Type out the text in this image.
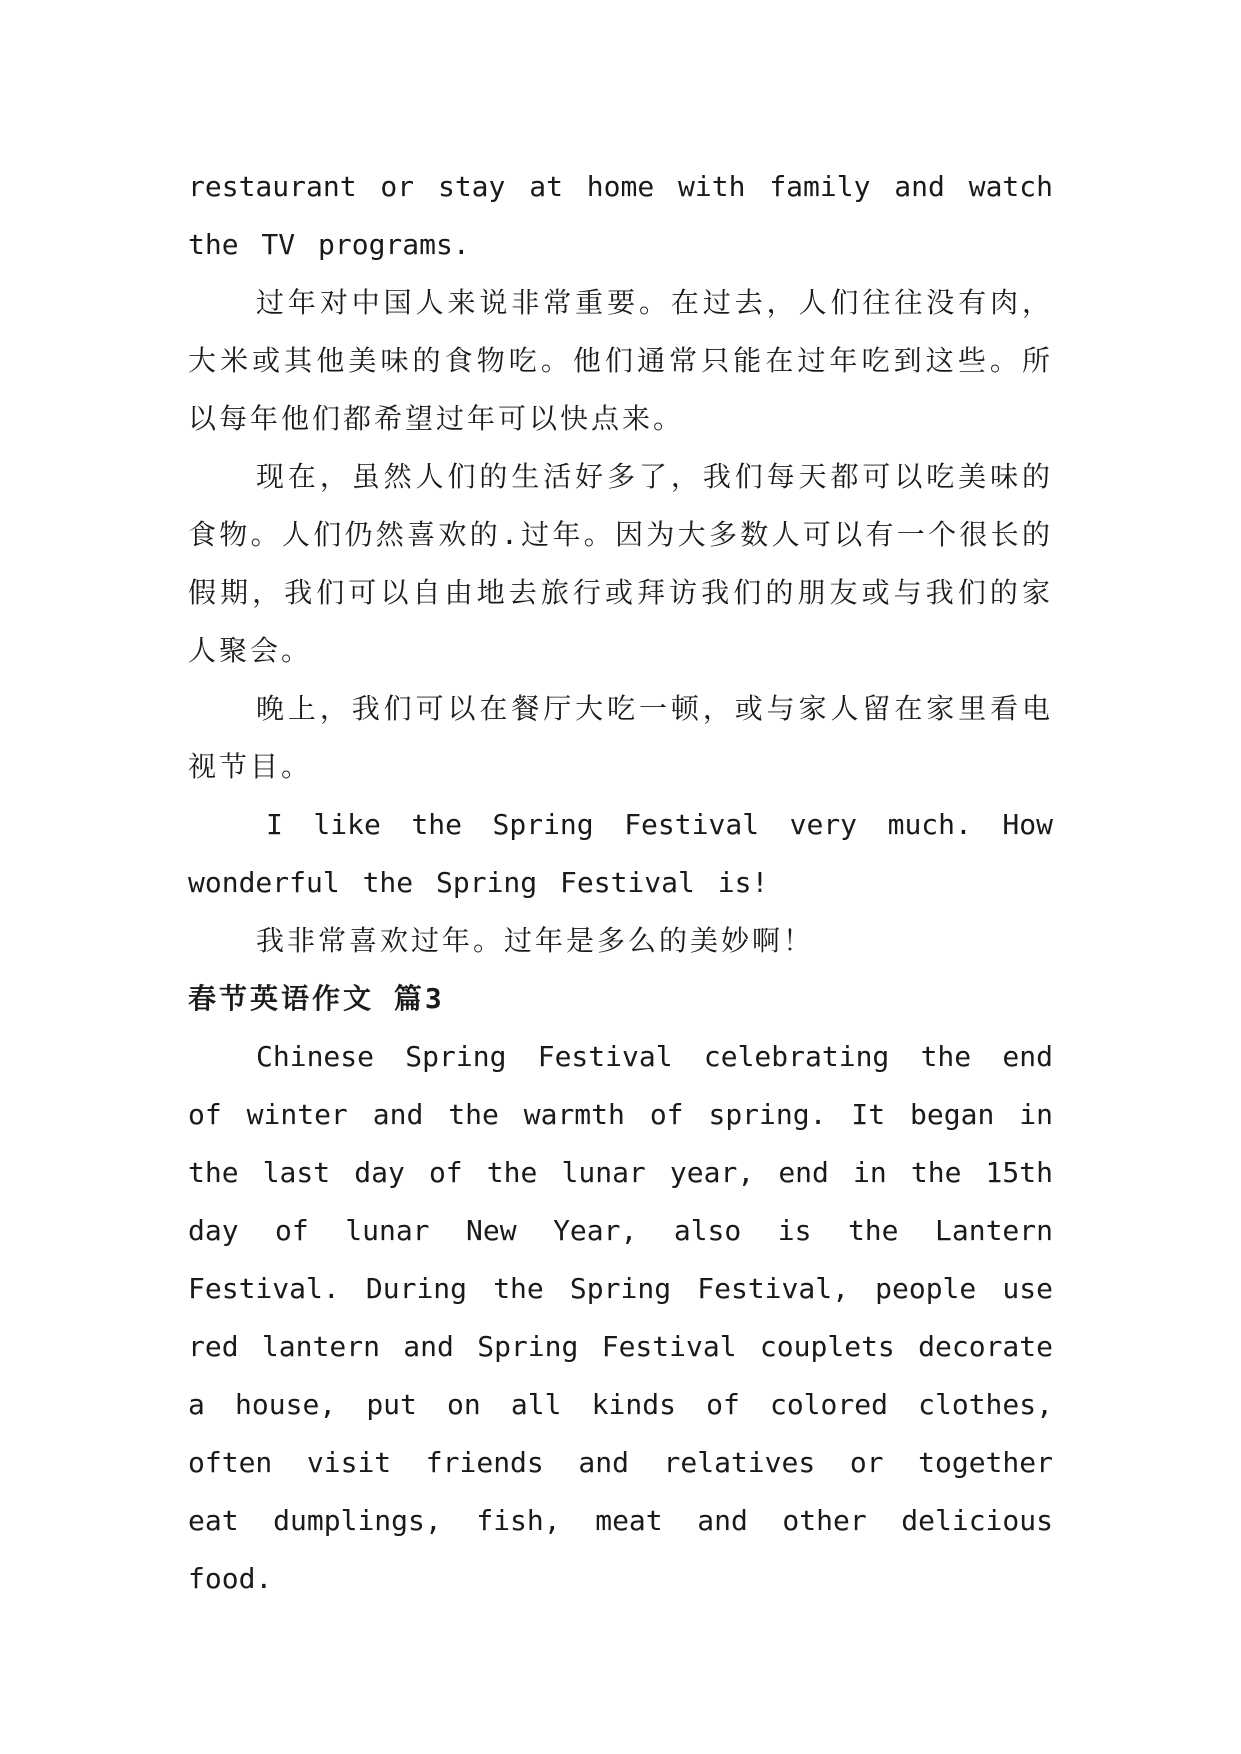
restaurant or stay at home with family and watch the TV programs.

过年对中国人来说非常重要。在过去，人们往往没有肉，大米或其他美味的食物吃。他们通常只能在过年吃到这些。所以每年他们都希望过年可以快点来。

现在，虽然人们的生活好多了，我们每天都可以吃美味的食物。人们仍然喜欢的.过年。因为大多数人可以有一个很长的假期，我们可以自由地去旅行或拜访我们的朋友或与我们的家人聚会。

晚上，我们可以在餐厅大吃一顿，或与家人留在家里看电视节目。

I like the Spring Festival very much. How wonderful the Spring Festival is!

我非常喜欢过年。过年是多么的美妙啊！

春节英语作文 篇3

Chinese Spring Festival celebrating the end of winter and the warmth of spring. It began in the last day of the lunar year, end in the 15th day of lunar New Year, also is the Lantern Festival. During the Spring Festival, people use red lantern and Spring Festival couplets decorate a house, put on all kinds of colored clothes, often visit friends and relatives or together eat dumplings, fish, meat and other delicious food.
